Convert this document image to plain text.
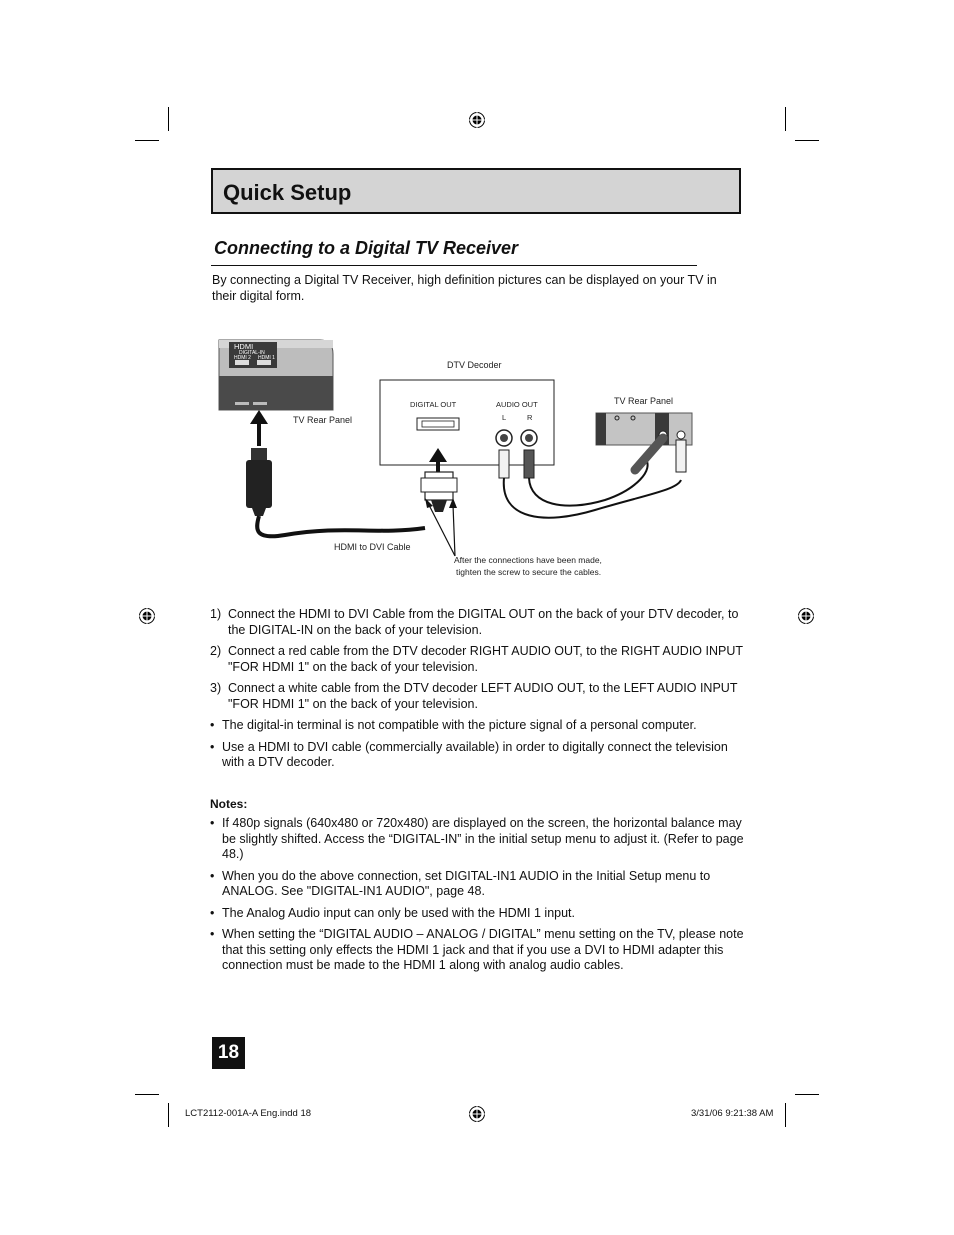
Quick Setup
Connecting to a Digital TV Receiver
By connecting a Digital TV Receiver, high definition pictures can be displayed on your TV in their digital form.
HDMI
DIGITAL-IN
HDMI 2 HDMI 1
DTV Decoder
DIGITAL OUT	AUDIO OUT
L	R
TV Rear Panel
TV Rear Panel
HDMI to DVI Cable
After the connections have been made,
tighten the screw to secure the cables.
1) Connect the HDMI to DVI Cable from the DIGITAL OUT on the back of your DTV decoder, to the DIGITAL-IN on the back of your television.
2) Connect a red cable from the DTV decoder RIGHT AUDIO OUT, to the RIGHT AUDIO INPUT "FOR HDMI 1" on the back of your television.
3) Connect a white cable from the DTV decoder LEFT AUDIO OUT, to the LEFT AUDIO INPUT "FOR HDMI 1" on the back of your television.
• The digital-in terminal is not compatible with the picture signal of a personal computer.
• Use a HDMI to DVI cable (commercially available) in order to digitally connect the television with a DTV decoder.
Notes:
• If 480p signals (640x480 or 720x480) are displayed on the screen, the horizontal balance may be slightly shifted. Access the “DIGITAL-IN” in the initial setup menu to adjust it. (Refer to page 48.)
• When you do the above connection, set DIGITAL-IN1 AUDIO in the Initial Setup menu to ANALOG. See "DIGITAL-IN1 AUDIO", page 48.
• The Analog Audio input can only be used with the HDMI 1 input.
• When setting the “DIGITAL AUDIO – ANALOG / DIGITAL” menu setting on the TV, please note that this setting only effects the HDMI 1 jack and that if you use a DVI to HDMI adapter this connection must be made to the HDMI 1 along with analog audio cables.
18
LCT2112-001A-A Eng.indd 18	3/31/06 9:21:38 AM
